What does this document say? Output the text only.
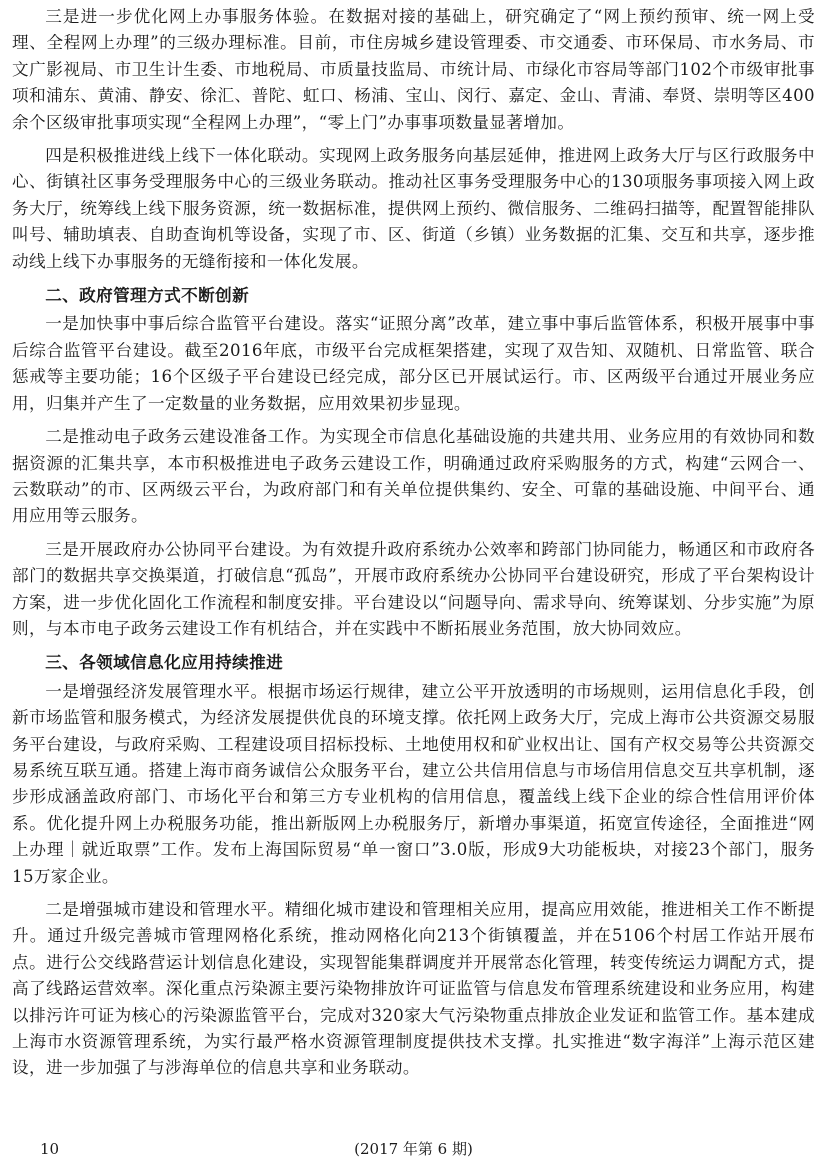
三是进一步优化网上办事服务体验。在数据对接的基础上，研究确定了“网上预约预审、统一网上受理、全程网上办理”的三级办理标准。目前，市住房城乡建设管理委、市交通委、市环保局、市水务局、市文广影视局、市卫生计生委、市地税局、市质量技监局、市统计局、市绿化市容局等部门102个市级审批事项和浦东、黄浦、静安、徐汇、普陀、虹口、杨浦、宝山、闵行、嘉定、金山、青浦、奉贤、崇明等区400余个区级审批事项实现“全程网上办理”，“零上门”办事事项数量显著增加。

四是积极推进线上线下一体化联动。实现网上政务服务向基层延伸，推进网上政务大厅与区行政服务中心、街镇社区事务受理服务中心的三级业务联动。推动社区事务受理服务中心的130项服务事项接入网上政务大厅，统筹线上线下服务资源，统一数据标准，提供网上预约、微信服务、二维码扫描等，配置智能排队叫号、辅助填表、自助查询机等设备，实现了市、区、街道（乡镇）业务数据的汇集、交互和共享，逐步推动线上线下办事服务的无缝衔接和一体化发展。

二、政府管理方式不断创新

一是加快事中事后综合监管平台建设。落实“证照分离”改革，建立事中事后监管体系，积极开展事中事后综合监管平台建设。截至2016年底，市级平台完成框架搭建，实现了双告知、双随机、日常监管、联合惩戒等主要功能；16个区级子平台建设已经完成，部分区已开展试运行。市、区两级平台通过开展业务应用，归集并产生了一定数量的业务数据，应用效果初步显现。

二是推动电子政务云建设准备工作。为实现全市信息化基础设施的共建共用、业务应用的有效协同和数据资源的汇集共享，本市积极推进电子政务云建设工作，明确通过政府采购服务的方式，构建“云网合一、云数联动”的市、区两级云平台，为政府部门和有关单位提供集约、安全、可靠的基础设施、中间平台、通用应用等云服务。

三是开展政府办公协同平台建设。为有效提升政府系统办公效率和跨部门协同能力，畅通区和市政府各部门的数据共享交换渠道，打破信息“孤岛”，开展市政府系统办公协同平台建设研究，形成了平台架构设计方案，进一步优化固化工作流程和制度安排。平台建设以“问题导向、需求导向、统筹谋划、分步实施”为原则，与本市电子政务云建设工作有机结合，并在实践中不断拓展业务范围，放大协同效应。

三、各领域信息化应用持续推进

一是增强经济发展管理水平。根据市场运行规律，建立公平开放透明的市场规则，运用信息化手段，创新市场监管和服务模式，为经济发展提供优良的环境支撑。依托网上政务大厅，完成上海市公共资源交易服务平台建设，与政府采购、工程建设项目招标投标、土地使用权和矿业权出让、国有产权交易等公共资源交易系统互联互通。搭建上海市商务诚信公众服务平台，建立公共信用信息与市场信用信息交互共享机制，逐步形成涵盖政府部门、市场化平台和第三方专业机构的信用信息，覆盖线上线下企业的综合性信用评价体系。优化提升网上办税服务功能，推出新版网上办税服务厅，新增办事渠道，拓宽宣传途径，全面推进“网上办理｜就近取票”工作。发布上海国际贸易“单一窗口”3.0版，形成9大功能板块，对接23个部门，服务15万家企业。

二是增强城市建设和管理水平。精细化城市建设和管理相关应用，提高应用效能，推进相关工作不断提升。通过升级完善城市管理网格化系统，推动网格化向213个街镇覆盖，并在5106个村居工作站开展布点。进行公交线路营运计划信息化建设，实现智能集群调度并开展常态化管理，转变传统运力调配方式，提高了线路运营效率。深化重点污染源主要污染物排放许可证监管与信息发布管理系统建设和业务应用，构建以排污许可证为核心的污染源监管平台，完成对320家大气污染物重点排放企业发证和监管工作。基本建成上海市水资源管理系统，为实行最严格水资源管理制度提供技术支撑。扎实推进“数字海洋”上海示范区建设，进一步加强了与涉海单位的信息共享和业务联动。

10	(2017 年第 6 期)
